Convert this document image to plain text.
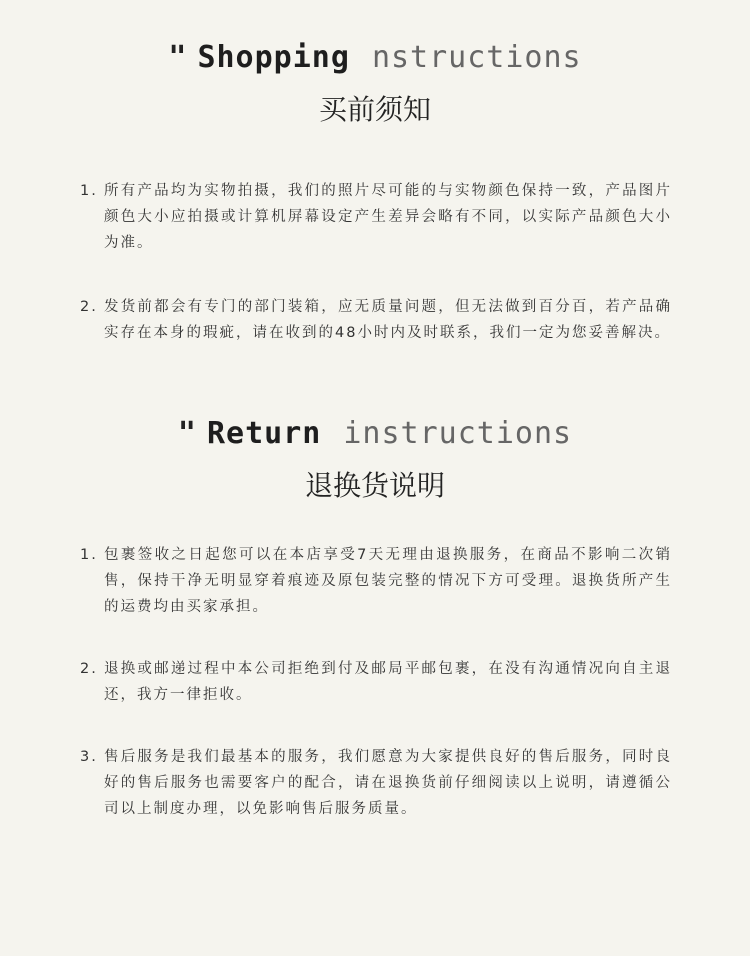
" Shopping nstructions
买前须知
1. 所有产品均为实物拍摄，我们的照片尽可能的与实物颜色保持一致，产品图片颜色大小应拍摄或计算机屏幕设定产生差异会略有不同，以实际产品颜色大小为准。
2. 发货前都会有专门的部门装箱，应无质量问题，但无法做到百分百，若产品确实存在本身的瑕疵，请在收到的48小时内及时联系，我们一定为您妥善解决。
" Return instructions
退换货说明
1. 包裹签收之日起您可以在本店享受7天无理由退换服务，在商品不影响二次销售，保持干净无明显穿着痕迹及原包装完整的情况下方可受理。退换货所产生的运费均由买家承担。
2. 退换或邮递过程中本公司拒绝到付及邮局平邮包裹，在没有沟通情况向自主退还，我方一律拒收。
3. 售后服务是我们最基本的服务，我们愿意为大家提供良好的售后服务，同时良好的售后服务也需要客户的配合，请在退换货前仔细阅读以上说明，请遵循公司以上制度办理，以免影响售后服务质量。
